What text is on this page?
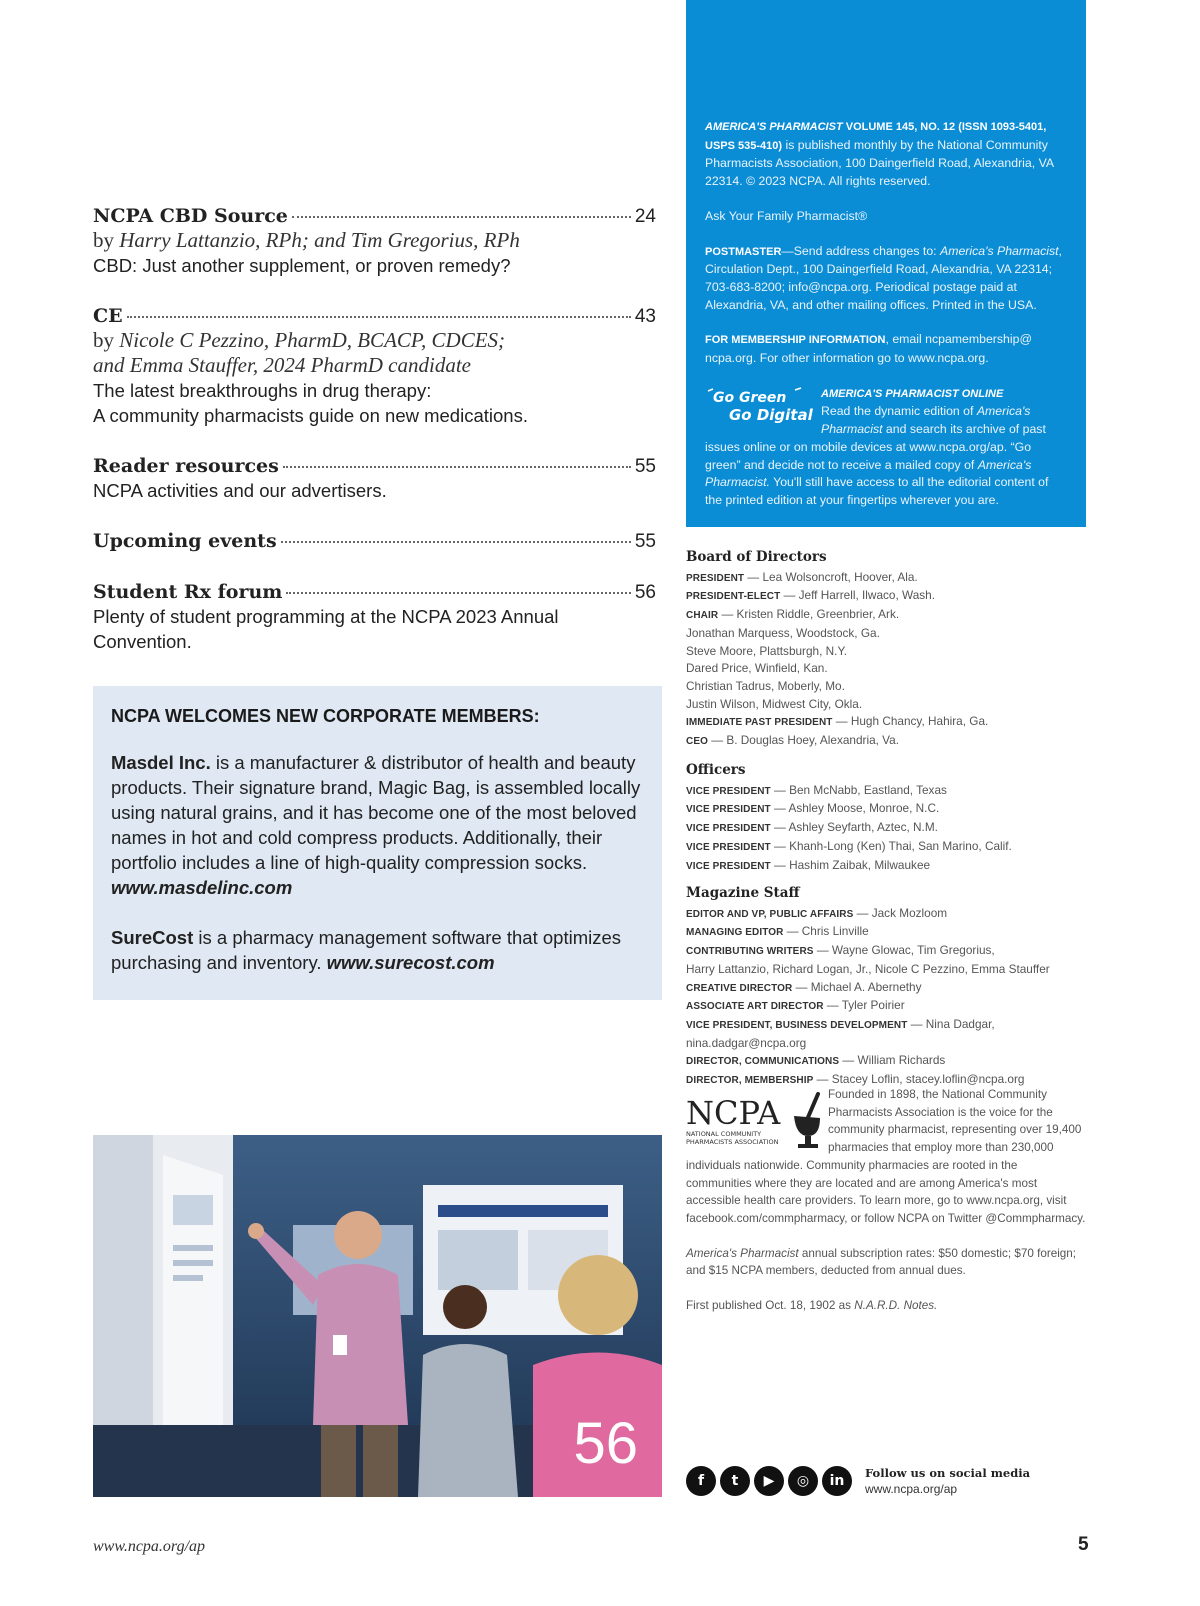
NCPA CBD Source	24
by Harry Lattanzio, RPh; and Tim Gregorius, RPh
CBD: Just another supplement, or proven remedy?
CE	43
by Nicole C Pezzino, PharmD, BCACP, CDCES;
and Emma Stauffer, 2024 PharmD candidate
The latest breakthroughs in drug therapy:
A community pharmacists guide on new medications.
Reader resources	55
NCPA activities and our advertisers.
Upcoming events	55
Student Rx forum	56
Plenty of student programming at the NCPA 2023 Annual
Convention.
NCPA WELCOMES NEW CORPORATE MEMBERS:

Masdel Inc. is a manufacturer & distributor of health and beauty products. Their signature brand, Magic Bag, is assembled locally using natural grains, and it has become one of the most beloved names in hot and cold compress products. Additionally, their portfolio includes a line of high-quality compression socks. www.masdelinc.com

SureCost is a pharmacy management software that optimizes purchasing and inventory. www.surecost.com

56
www.ncpa.org/ap	5

AMERICA'S PHARMACIST VOLUME 145, NO. 12 (ISSN 1093-5401, USPS 535-410) is published monthly by the National Community Pharmacists Association, 100 Daingerfield Road, Alexandria, VA 22314. © 2023 NCPA. All rights reserved.

Ask Your Family Pharmacist®

POSTMASTER—Send address changes to: America's Pharmacist, Circulation Dept., 100 Daingerfield Road, Alexandria, VA 22314; 703-683-8200; info@ncpa.org. Periodical postage paid at Alexandria, VA, and other mailing offices. Printed in the USA.

FOR MEMBERSHIP INFORMATION, email ncpamembership@ ncpa.org. For other information go to www.ncpa.org.

Go Green
Go Digital
AMERICA'S PHARMACIST ONLINE
Read the dynamic edition of America's Pharmacist and search its archive of past issues online or on mobile devices at www.ncpa.org/ap. “Go green” and decide not to receive a mailed copy of America's Pharmacist. You'll still have access to all the editorial content of the printed edition at your fingertips wherever you are.
Board of Directors
PRESIDENT — Lea Wolsoncroft, Hoover, Ala.
PRESIDENT-ELECT — Jeff Harrell, Ilwaco, Wash.
CHAIR — Kristen Riddle, Greenbrier, Ark.
Jonathan Marquess, Woodstock, Ga.
Steve Moore, Plattsburgh, N.Y.
Dared Price, Winfield, Kan.
Christian Tadrus, Moberly, Mo.
Justin Wilson, Midwest City, Okla.
IMMEDIATE PAST PRESIDENT — Hugh Chancy, Hahira, Ga.
CEO — B. Douglas Hoey, Alexandria, Va.
Officers
VICE PRESIDENT — Ben McNabb, Eastland, Texas
VICE PRESIDENT — Ashley Moose, Monroe, N.C.
VICE PRESIDENT — Ashley Seyfarth, Aztec, N.M.
VICE PRESIDENT — Khanh-Long (Ken) Thai, San Marino, Calif.
VICE PRESIDENT — Hashim Zaibak, Milwaukee
Magazine Staff
EDITOR AND VP, PUBLIC AFFAIRS — Jack Mozloom
MANAGING EDITOR — Chris Linville
CONTRIBUTING WRITERS — Wayne Glowac, Tim Gregorius,
Harry Lattanzio, Richard Logan, Jr., Nicole C Pezzino, Emma Stauffer
CREATIVE DIRECTOR — Michael A. Abernethy
ASSOCIATE ART DIRECTOR — Tyler Poirier
VICE PRESIDENT, BUSINESS DEVELOPMENT — Nina Dadgar,
nina.dadgar@ncpa.org
DIRECTOR, COMMUNICATIONS — William Richards
DIRECTOR, MEMBERSHIP — Stacey Loflin, stacey.loflin@ncpa.org
NCPA
NATIONAL COMMUNITY
PHARMACISTS ASSOCIATION

Founded in 1898, the National Community Pharmacists Association is the voice for the community pharmacist, representing over 19,400 pharmacies that employ more than 230,000 individuals nationwide. Community pharmacies are rooted in the communities where they are located and are among America's most accessible health care providers. To learn more, go to www.ncpa.org, visit facebook.com/commpharmacy, or follow NCPA on Twitter @Commpharmacy.

America's Pharmacist annual subscription rates: $50 domestic; $70 foreign; and $15 NCPA members, deducted from annual dues.

First published Oct. 18, 1902 as N.A.R.D. Notes.

f	t	▶	◎	in	Follow us on social media
www.ncpa.org/ap
